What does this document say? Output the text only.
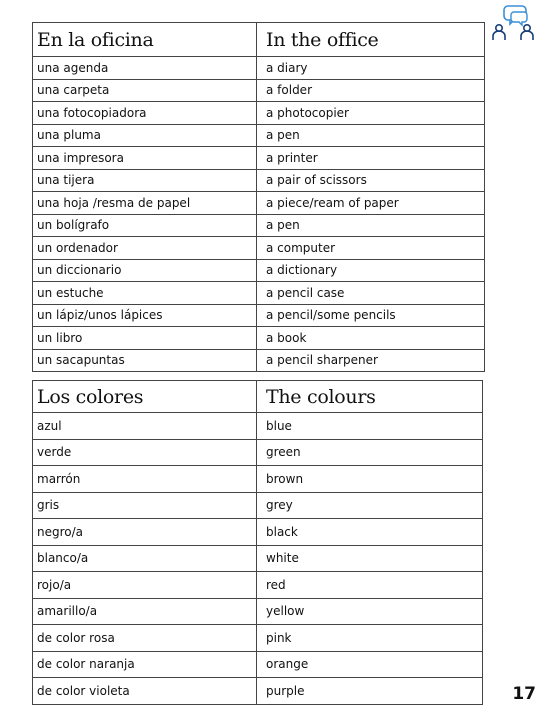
En la oficina	In the office
una agenda	a diary
una carpeta	a folder
una fotocopiadora	a photocopier
una pluma	a pen
una impresora	a printer
una tijera	a pair of scissors
una hoja /resma de papel	a piece/ream of paper
un bolígrafo	a pen
un ordenador	a computer
un diccionario	a dictionary
un estuche	a pencil case
un lápiz/unos lápices	a pencil/some pencils
un libro	a book
un sacapuntas	a pencil sharpener
Los colores	The colours
azul	blue
verde	green
marrón	brown
gris	grey
negro/a	black
blanco/a	white
rojo/a	red
amarillo/a	yellow
de color rosa	pink
de color naranja	orange
de color violeta	purple	17
